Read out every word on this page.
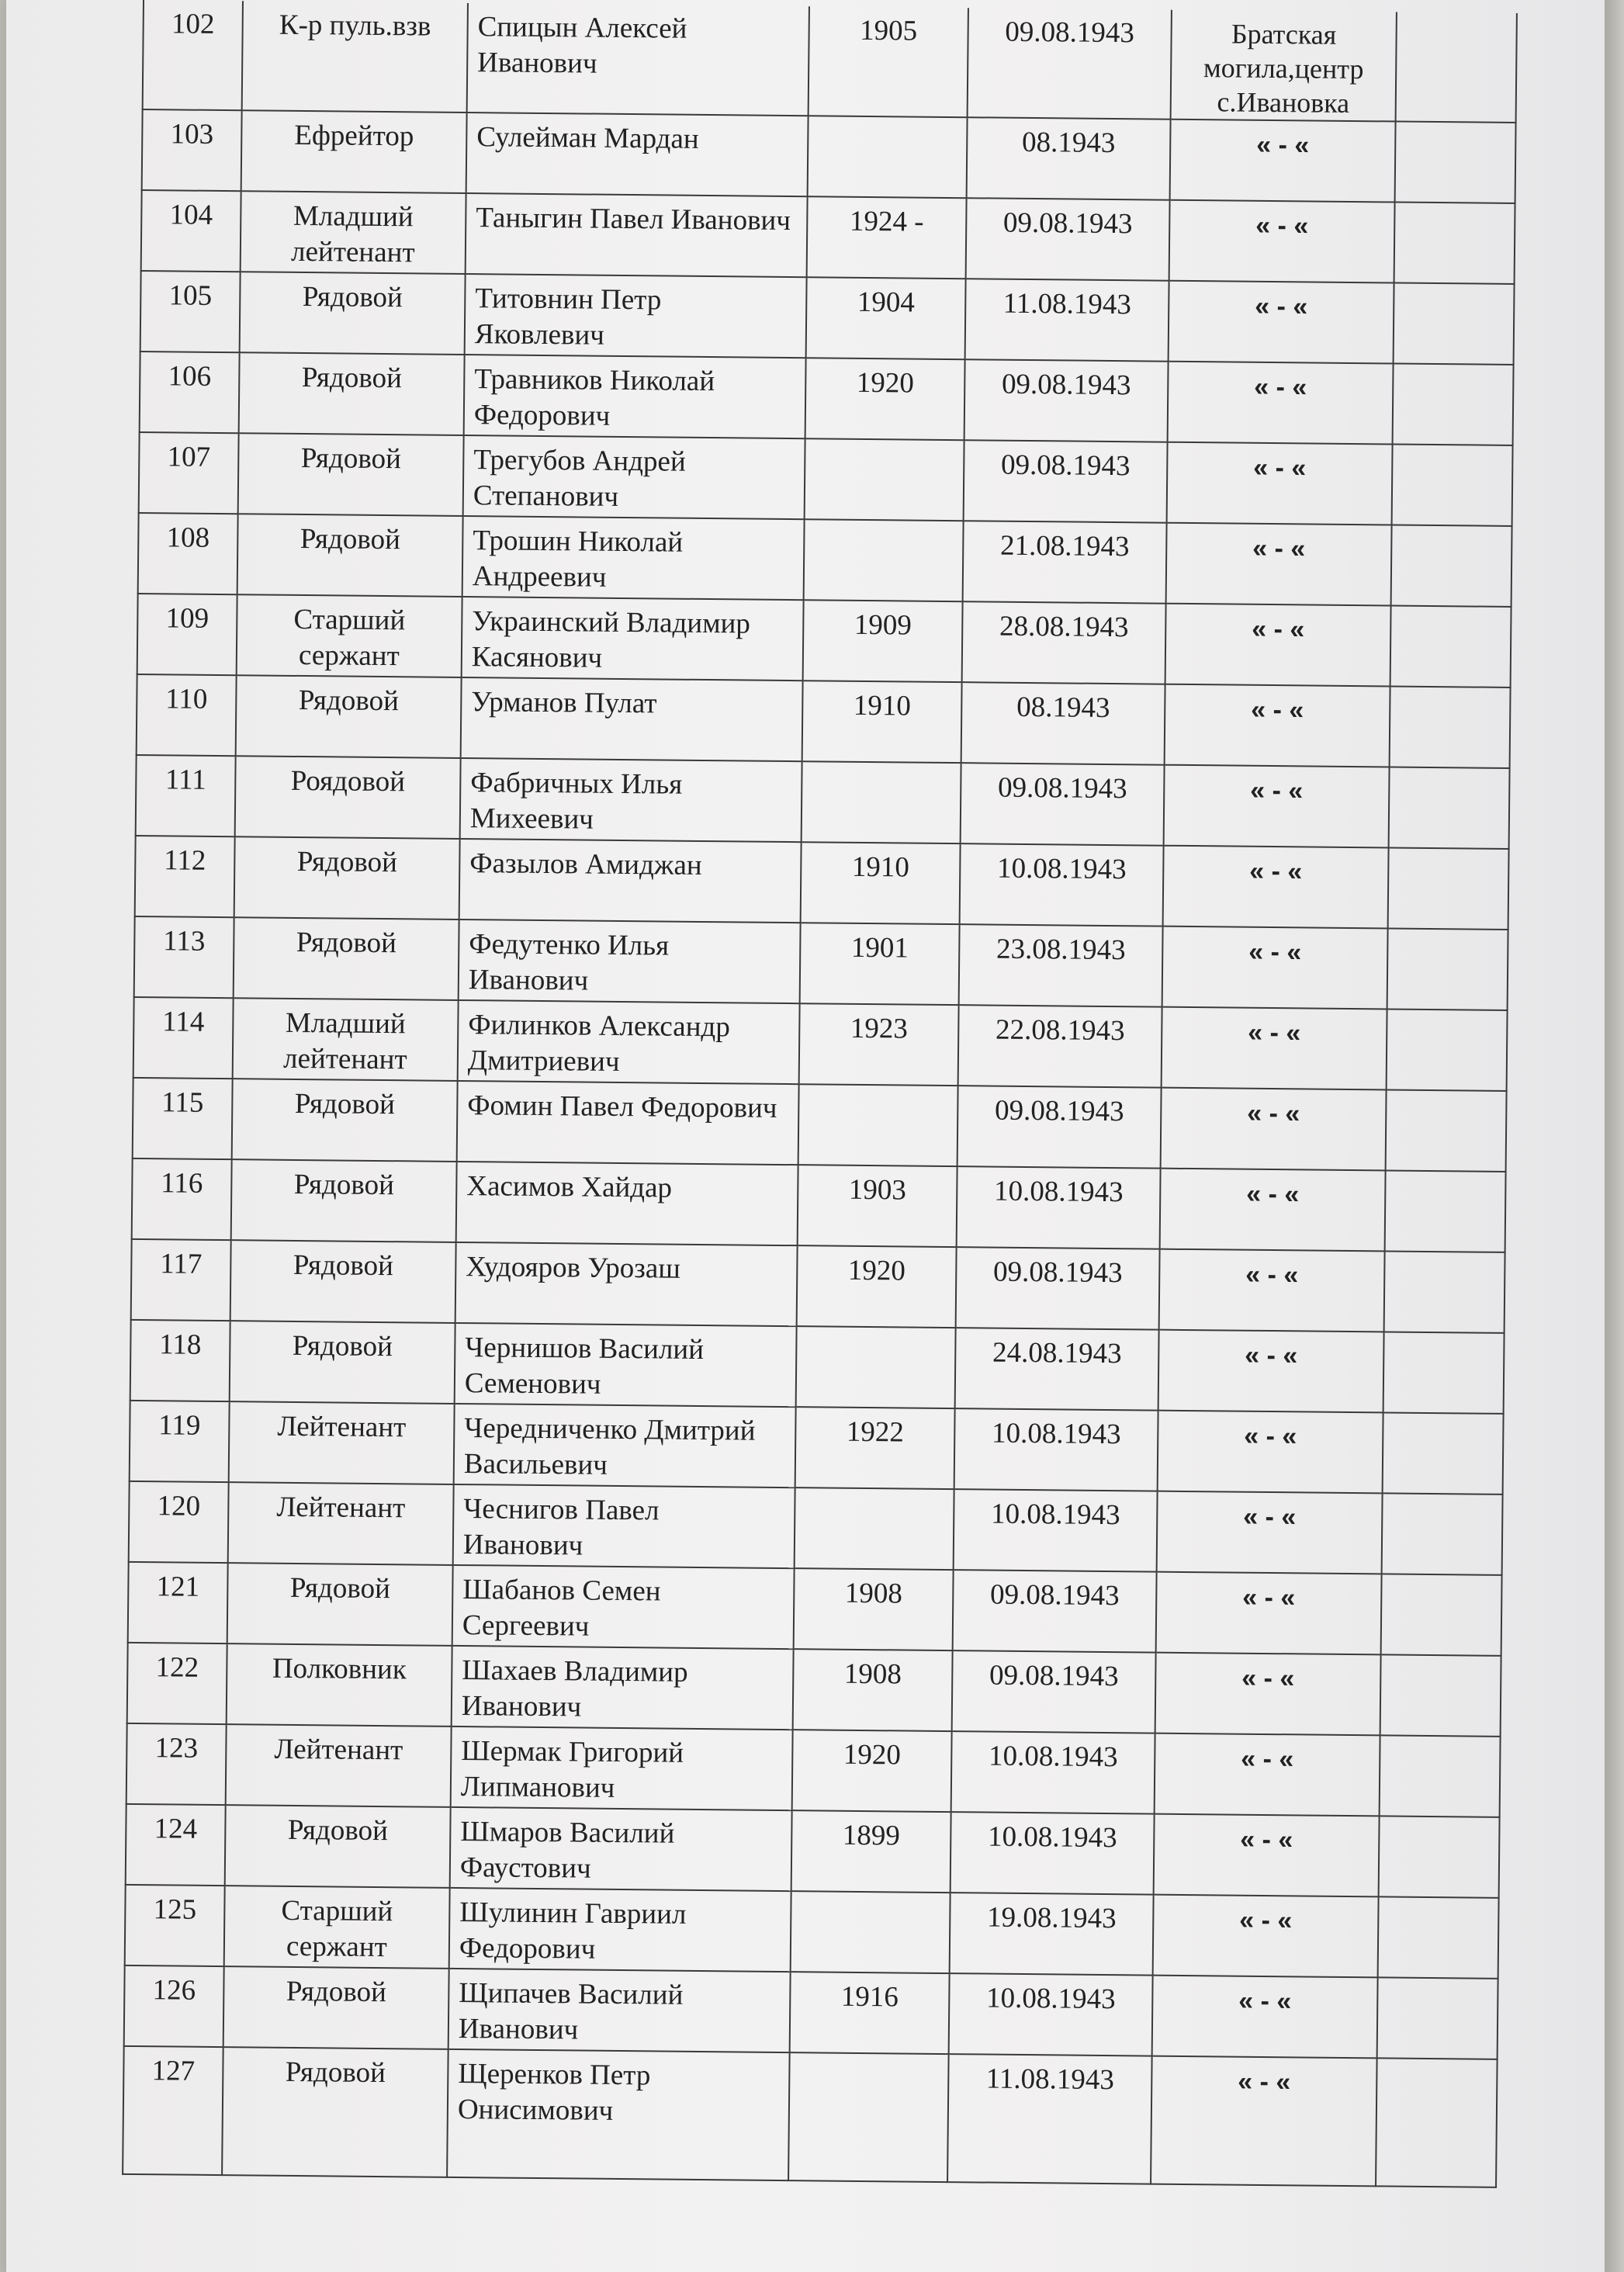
102	К-р пуль.взв	Спицын Алексей Иванович	1905	09.08.1943	Братская могила,центр с.Ивановка	
103	Ефрейтор	Сулейман Мардан		08.1943	« - «	
104	Младший лейтенант	Таныгин Павел Иванович	1924 -	09.08.1943	« - «	
105	Рядовой	Титовнин Петр Яковлевич	1904	11.08.1943	« - «	
106	Рядовой	Травников Николай Федорович	1920	09.08.1943	« - «	
107	Рядовой	Трегубов Андрей Степанович		09.08.1943	« - «	
108	Рядовой	Трошин Николай Андреевич		21.08.1943	« - «	
109	Старший сержант	Украинский Владимир Касянович	1909	28.08.1943	« - «	
110	Рядовой	Урманов Пулат	1910	08.1943	« - «	
111	Роядовой	Фабричных Илья Михеевич		09.08.1943	« - «	
112	Рядовой	Фазылов Амиджан	1910	10.08.1943	« - «	
113	Рядовой	Федутенко Илья Иванович	1901	23.08.1943	« - «	
114	Младший лейтенант	Филинков Александр Дмитриевич	1923	22.08.1943	« - «	
115	Рядовой	Фомин Павел Федорович		09.08.1943	« - «	
116	Рядовой	Хасимов Хайдар	1903	10.08.1943	« - «	
117	Рядовой	Худояров Урозаш	1920	09.08.1943	« - «	
118	Рядовой	Чернишов Василий Семенович		24.08.1943	« - «	
119	Лейтенант	Чередниченко Дмитрий Васильевич	1922	10.08.1943	« - «	
120	Лейтенант	Чеснигов Павел Иванович		10.08.1943	« - «	
121	Рядовой	Шабанов Семен Сергеевич	1908	09.08.1943	« - «	
122	Полковник	Шахаев Владимир Иванович	1908	09.08.1943	« - «	
123	Лейтенант	Шермак Григорий Липманович	1920	10.08.1943	« - «	
124	Рядовой	Шмаров Василий Фаустович	1899	10.08.1943	« - «	
125	Старший сержант	Шулинин Гавриил Федорович		19.08.1943	« - «	
126	Рядовой	Щипачев Василий Иванович	1916	10.08.1943	« - «	
127	Рядовой	Щеренков Петр Онисимович		11.08.1943	« - «	
